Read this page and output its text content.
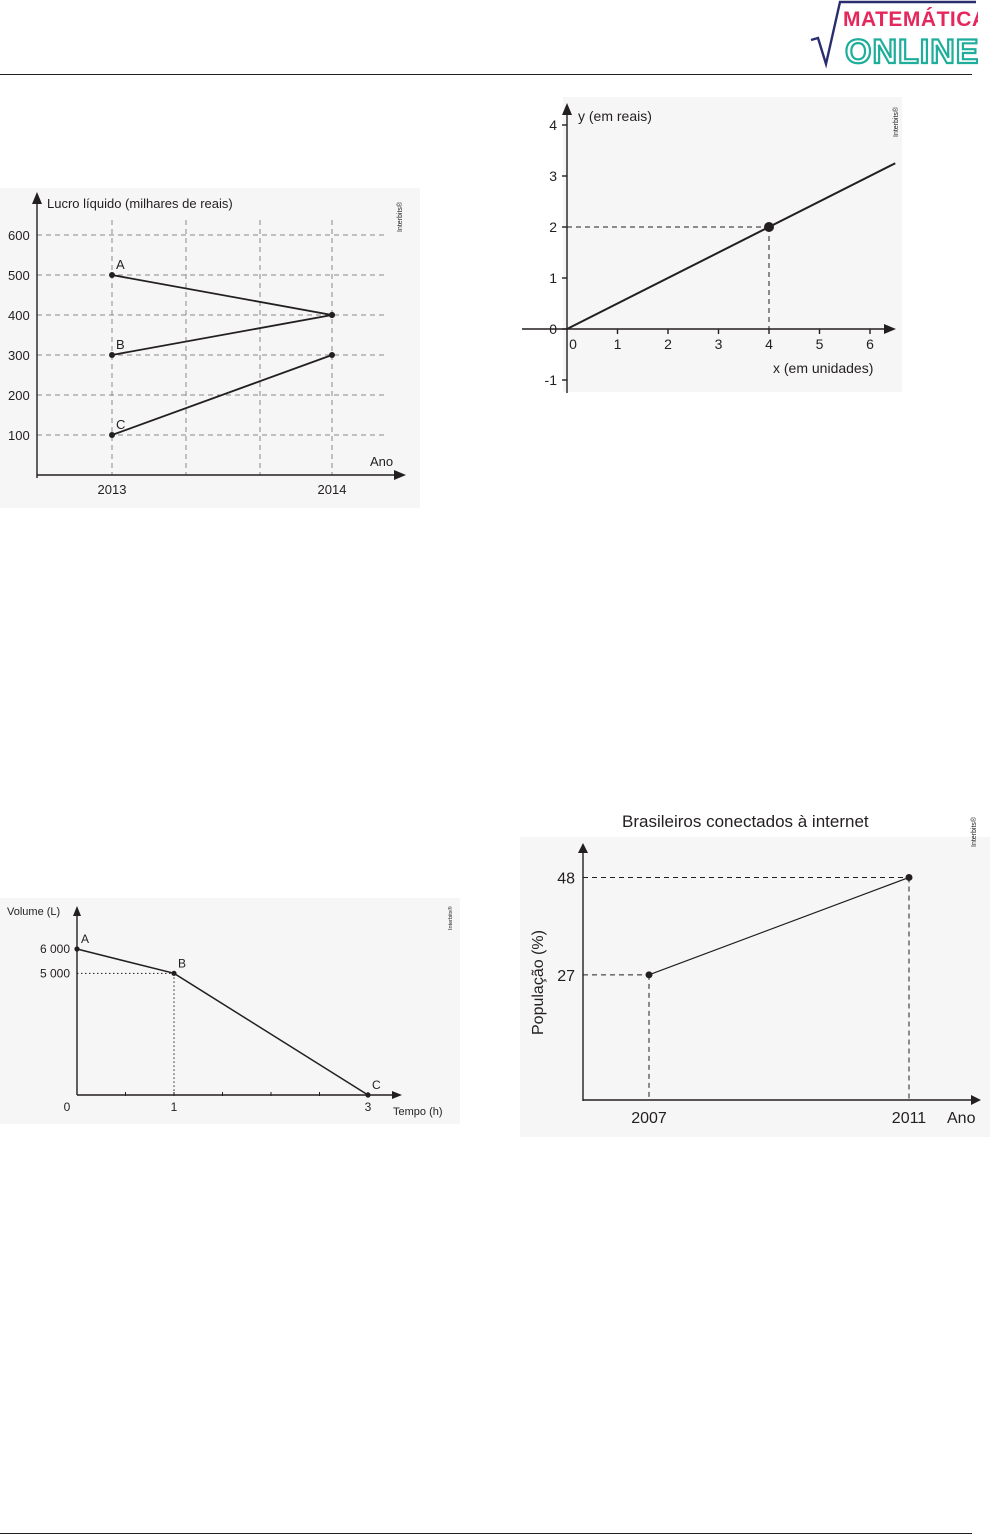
MATEMÁTICA
ONLINE
Lucro líquido (milhares de reais)
Ano
Interbits®
100
200
300
400
500
600
2013	2014
A
B
C
y (em reais)
x (em unidades)
Interbits®
-1
0
1
2
3
4
0	1	2	3	4	5	6
Volume (L)
Tempo (h)
Interbits®
6 000
5 000
0	1	3
A
B
C
Brasileiros conectados à internet	Interbits®
População (%)
Ano
27
48
2007	2011
